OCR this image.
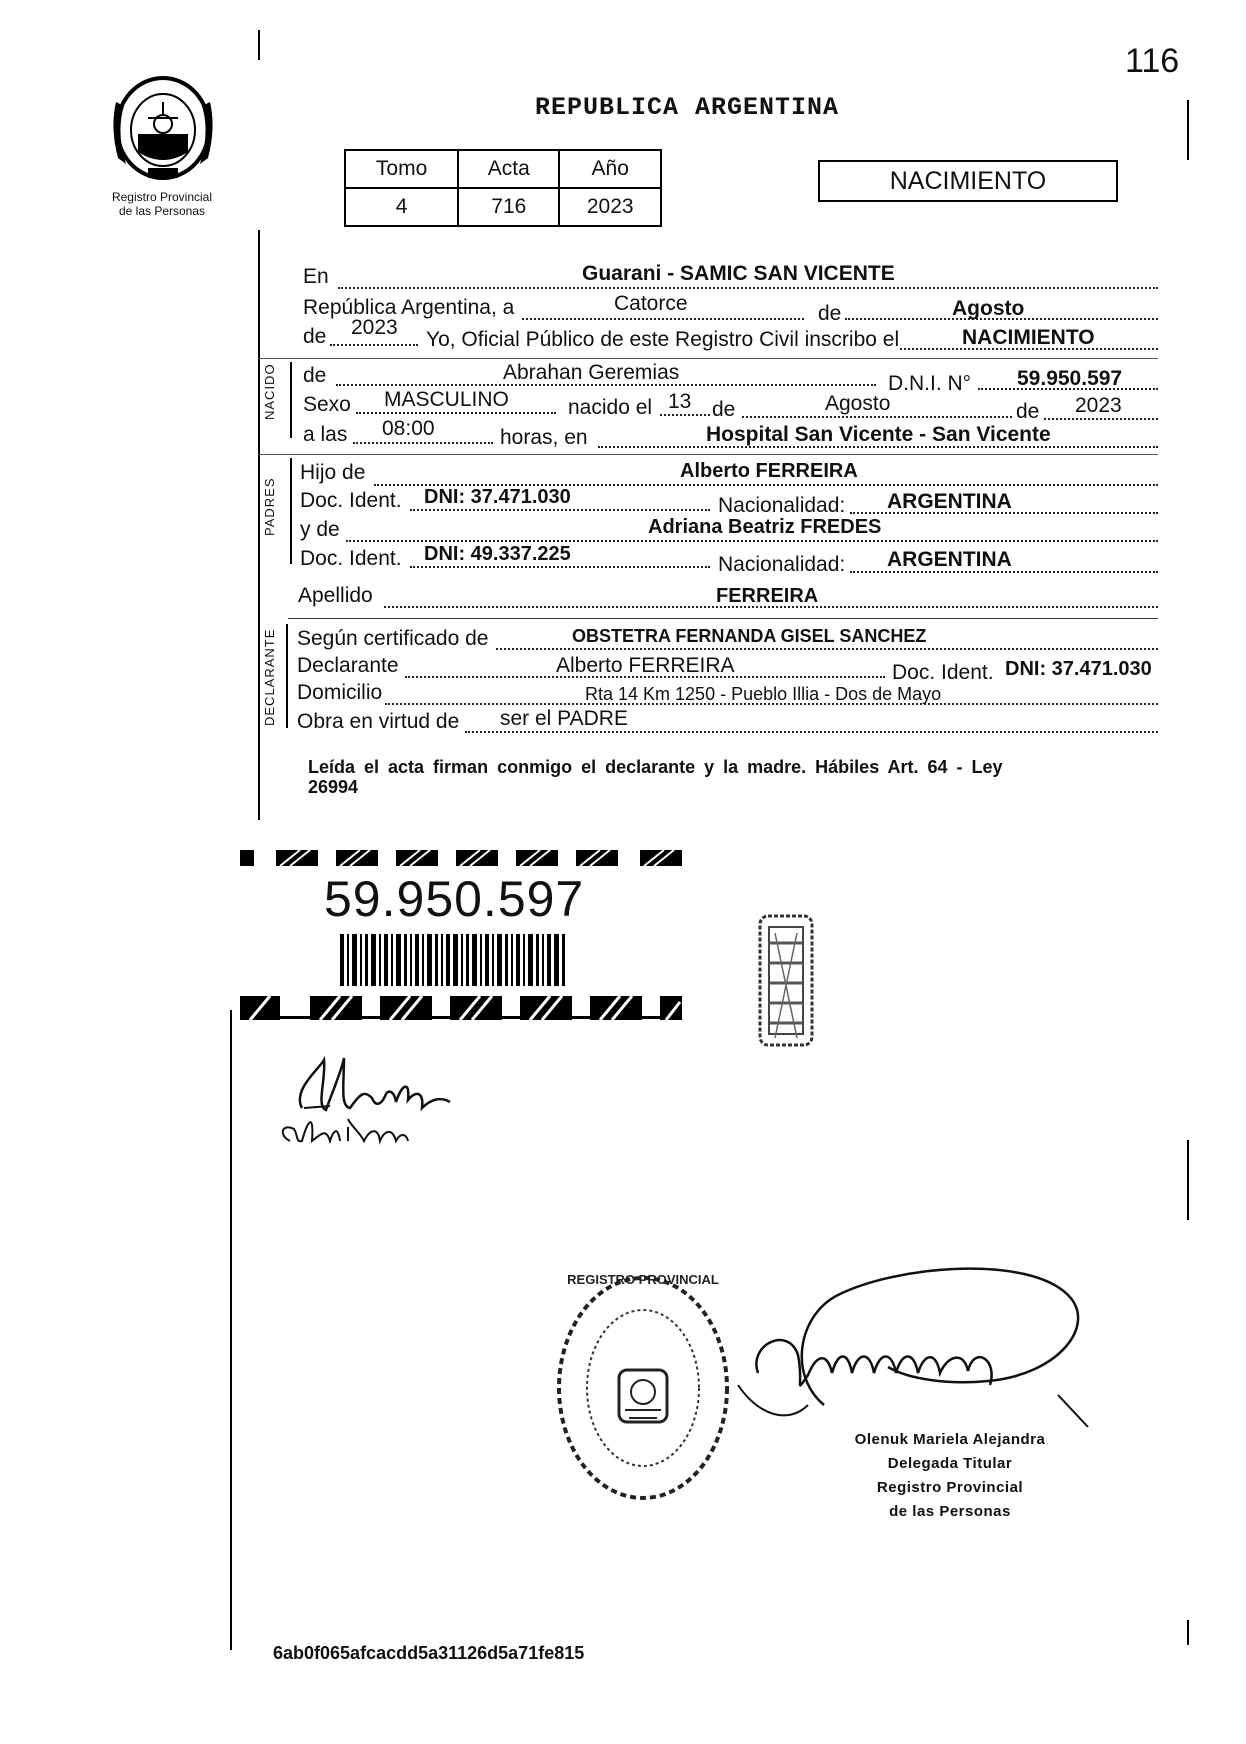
116
Registro Provincial
de las Personas
REPUBLICA ARGENTINA
Tomo	Acta	Año
4	716	2023
NACIMIENTO
En	Guarani - SAMIC SAN VICENTE
República Argentina, a	Catorce	de	Agosto
de 2023
Yo, Oficial Público de este Registro Civil inscribo el	NACIMIENTO
NACIDO de	Abrahan Geremias	D.N.I. N° 59.950.597
Sexo MASCULINO	nacido el 13 de	Agosto	de 2023
a las 08:00	horas, en	Hospital San Vicente - San Vicente
PADRES
Hijo de	Alberto FERREIRA
Doc. Ident. DNI: 37.471.030	Nacionalidad: ARGENTINA
y de	Adriana Beatriz FREDES
Doc. Ident. DNI: 49.337.225	Nacionalidad: ARGENTINA
Apellido	FERREIRA
DECLARANTE Según certificado de	OBSTETRA FERNANDA GISEL SANCHEZ
Declarante	Alberto FERREIRA	Doc. Ident. DNI: 37.471.030
Domicilio	Rta 14 Km 1250 - Pueblo Illia - Dos de Mayo
Obra en virtud de ser el PADRE
Leída el acta firman conmigo el declarante y la madre. Hábiles Art. 64 - Ley
26994
59.950.597
REGISTRO PROVINCIAL
Olenuk Mariela Alejandra
Delegada Titular
Registro Provincial
de las Personas
6ab0f065afcacdd5a31126d5a71fe815
